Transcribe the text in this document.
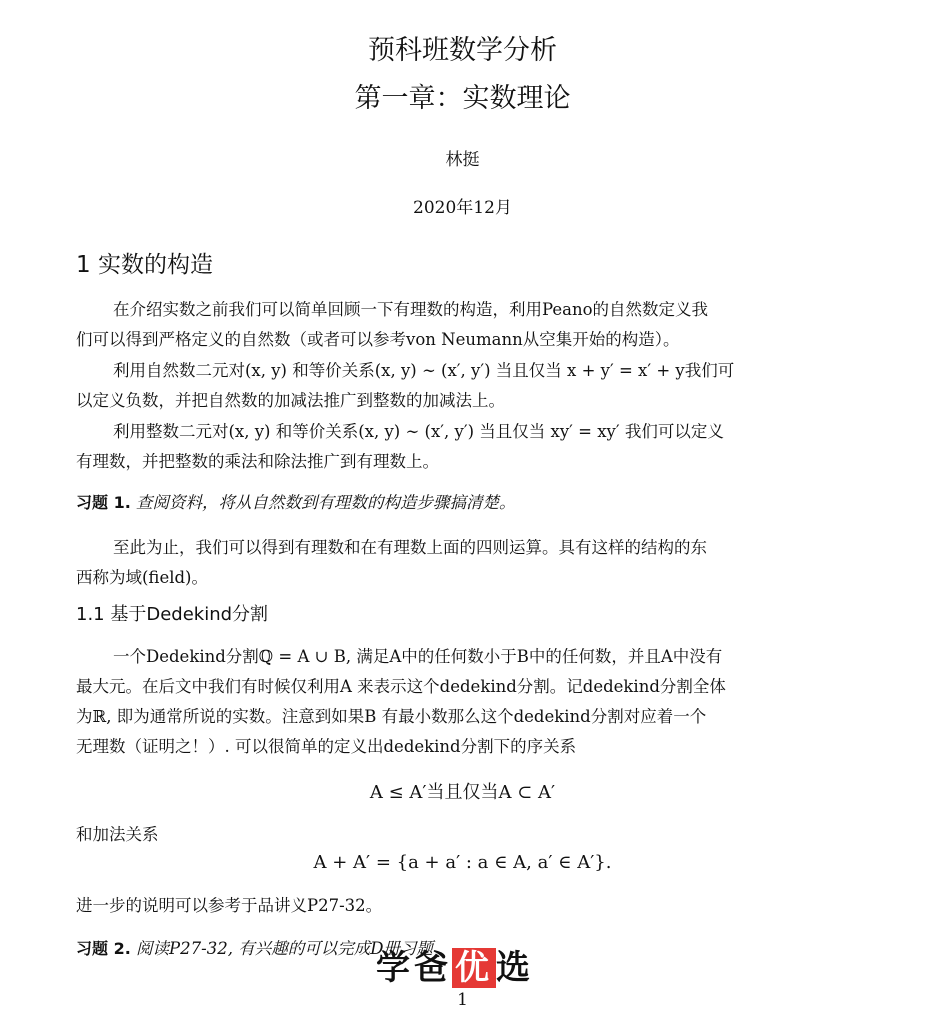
预科班数学分析
第一章：实数理论
林挺
2020年12月
1 实数的构造
在介绍实数之前我们可以简单回顾一下有理数的构造，利用Peano的自然数定义我
们可以得到严格定义的自然数（或者可以参考von Neumann从空集开始的构造）。
利用自然数二元对(x, y) 和等价关系(x, y) ∼ (x′, y′) 当且仅当 x + y′ = x′ + y我们可
以定义负数，并把自然数的加减法推广到整数的加减法上。
利用整数二元对(x, y) 和等价关系(x, y) ∼ (x′, y′) 当且仅当 xy′ = xy′ 我们可以定义
有理数，并把整数的乘法和除法推广到有理数上。
习题 1. 查阅资料，将从自然数到有理数的构造步骤搞清楚。
至此为止，我们可以得到有理数和在有理数上面的四则运算。具有这样的结构的东
西称为域(field)。
1.1 基于Dedekind分割
一个Dedekind分割ℚ = A ∪ B, 满足A中的任何数小于B中的任何数，并且A中没有
最大元。在后文中我们有时候仅利用A 来表示这个dedekind分割。记dedekind分割全体
为ℝ, 即为通常所说的实数。注意到如果B 有最小数那么这个dedekind分割对应着一个
无理数（证明之！）. 可以很简单的定义出dedekind分割下的序关系
A ≤ A′当且仅当A ⊂ A′
和加法关系
A + A′ = {a + a′ : a ∈ A, a′ ∈ A′}.
进一步的说明可以参考于品讲义P27-32。
习题 2. 阅读P27-32, 有兴趣的可以完成D册习题
学爸优选
1
